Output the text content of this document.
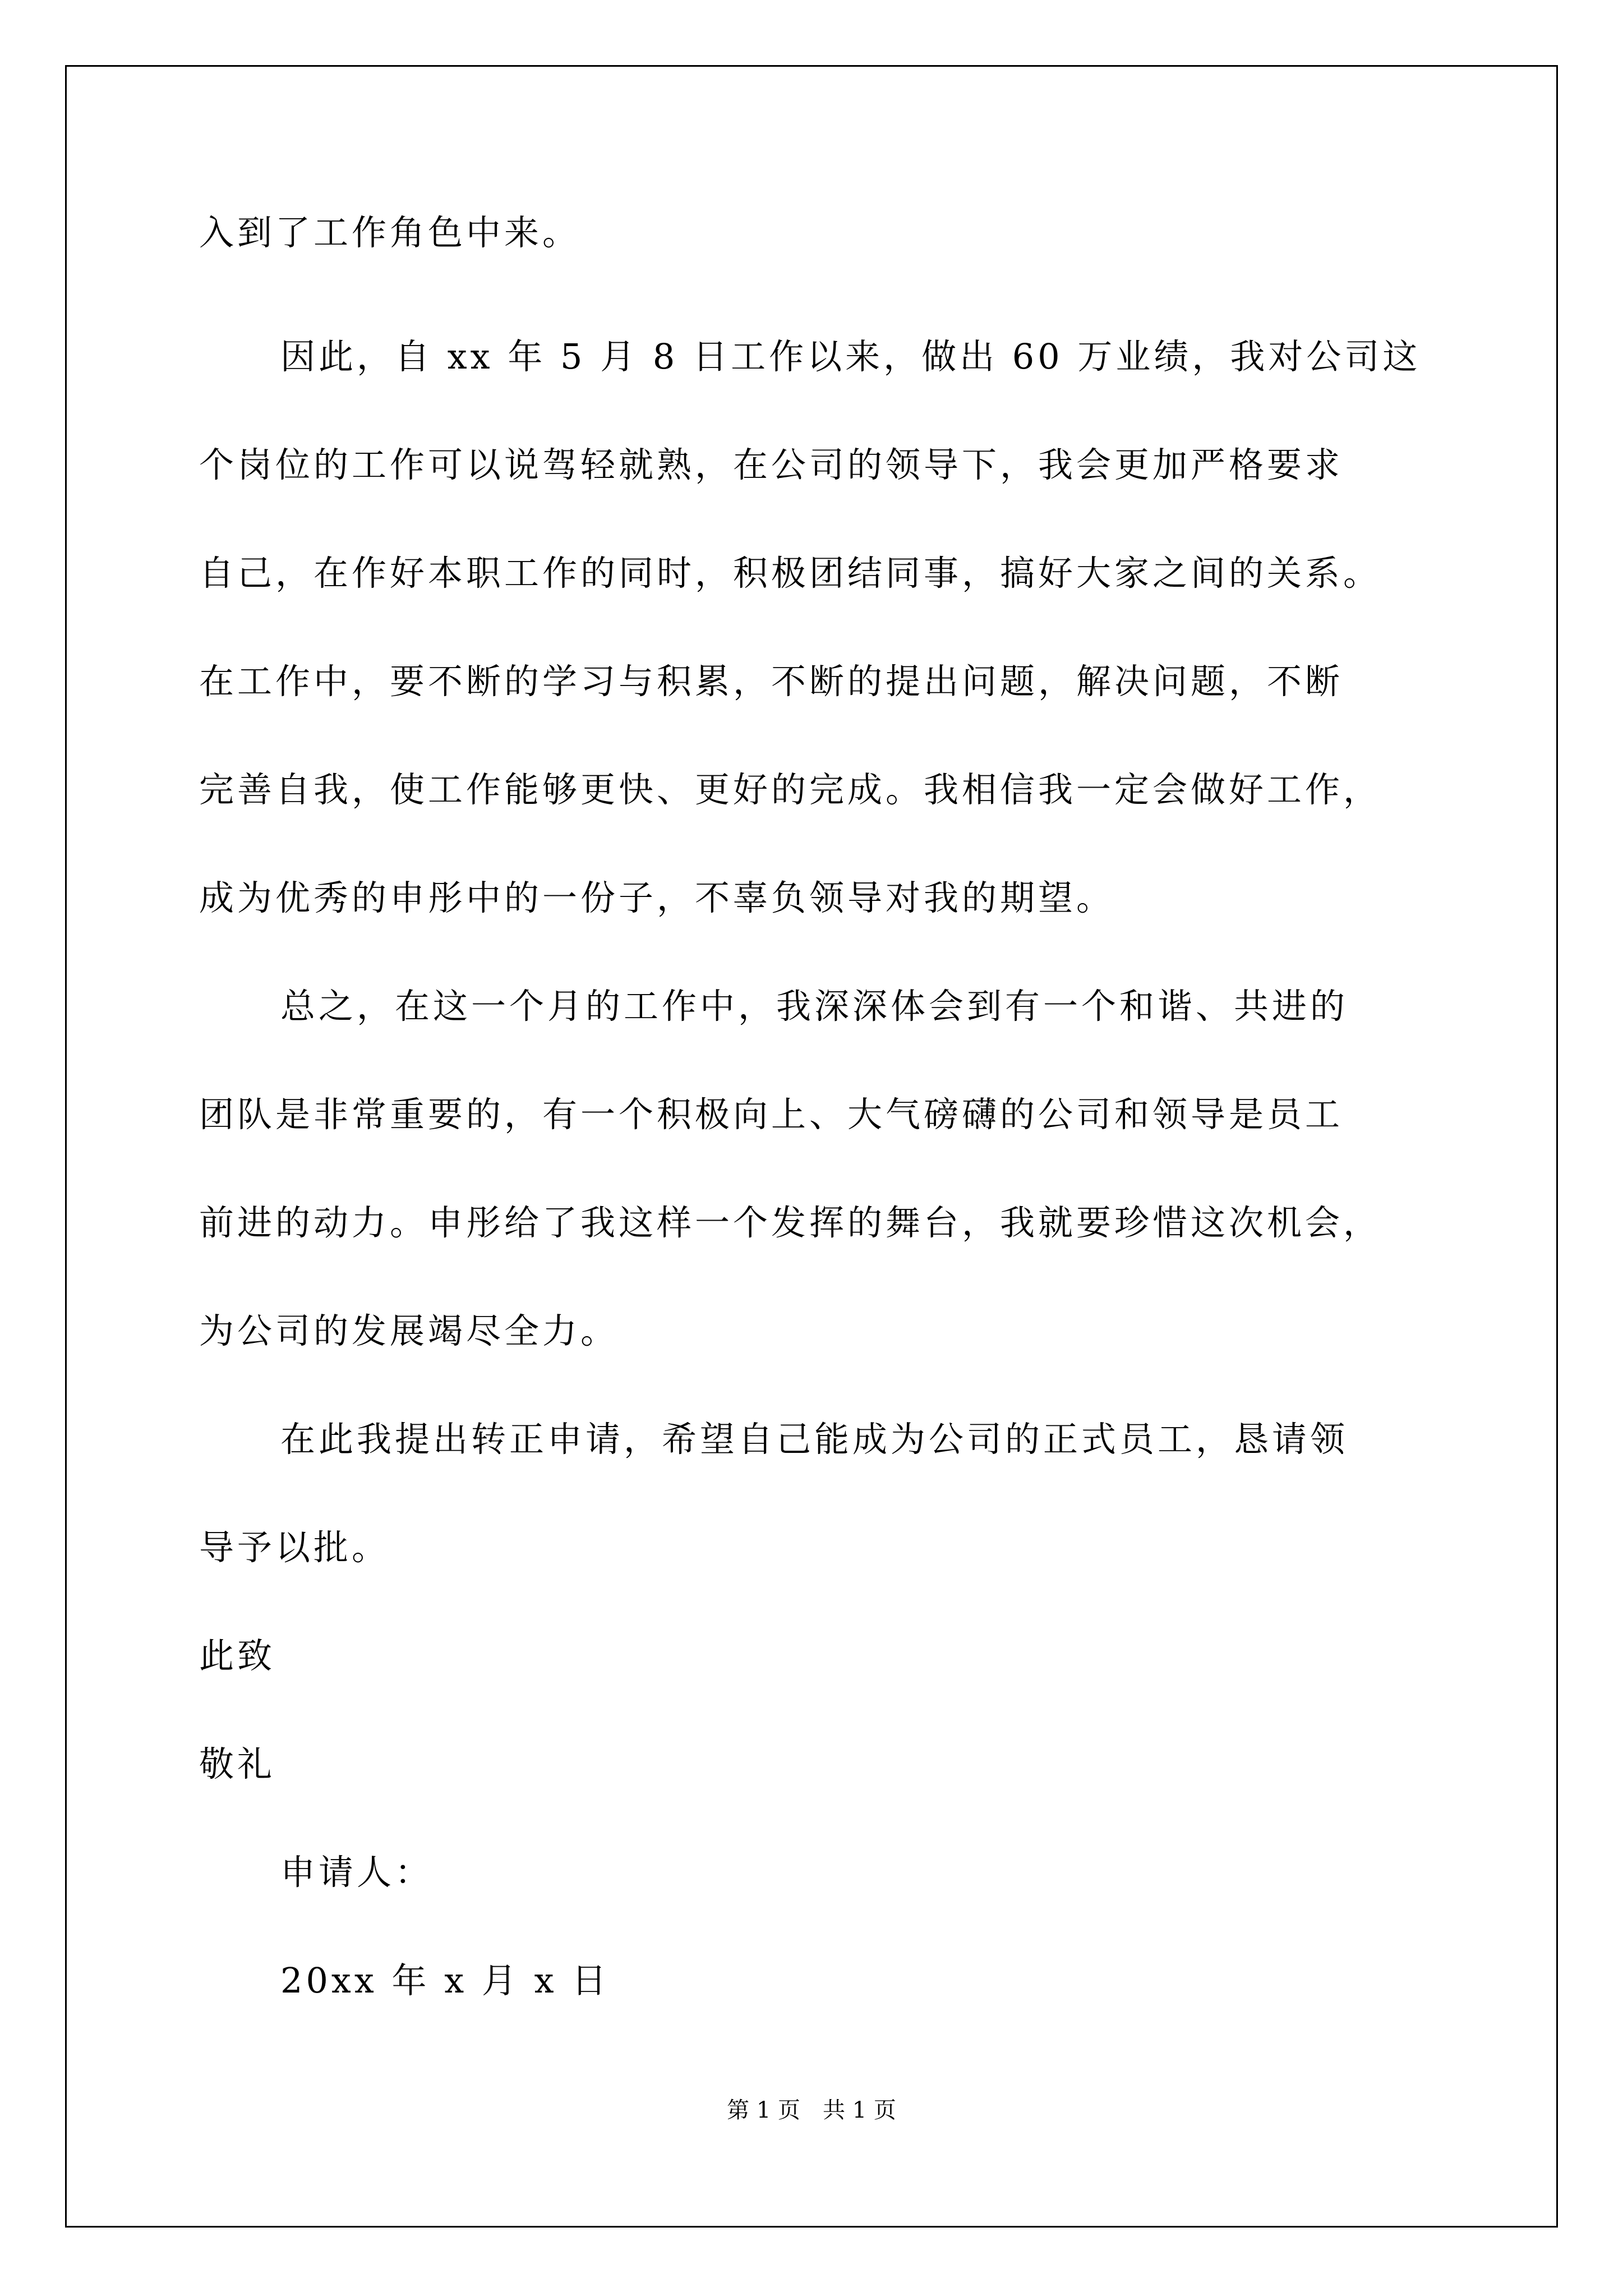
入到了工作角色中来。
因此，自 xx 年 5 月 8 日工作以来，做出 60 万业绩，我对公司这
个岗位的工作可以说驾轻就熟，在公司的领导下，我会更加严格要求
自己，在作好本职工作的同时，积极团结同事，搞好大家之间的关系。
在工作中，要不断的学习与积累，不断的提出问题，解决问题，不断
完善自我，使工作能够更快、更好的完成。我相信我一定会做好工作，
成为优秀的申彤中的一份子，不辜负领导对我的期望。
总之，在这一个月的工作中，我深深体会到有一个和谐、共进的
团队是非常重要的，有一个积极向上、大气磅礴的公司和领导是员工
前进的动力。申彤给了我这样一个发挥的舞台，我就要珍惜这次机会，
为公司的发展竭尽全力。
在此我提出转正申请，希望自己能成为公司的正式员工，恳请领
导予以批。
此致
敬礼
申请人：
20xx 年 x 月 x 日
第 1 页 共 1 页
